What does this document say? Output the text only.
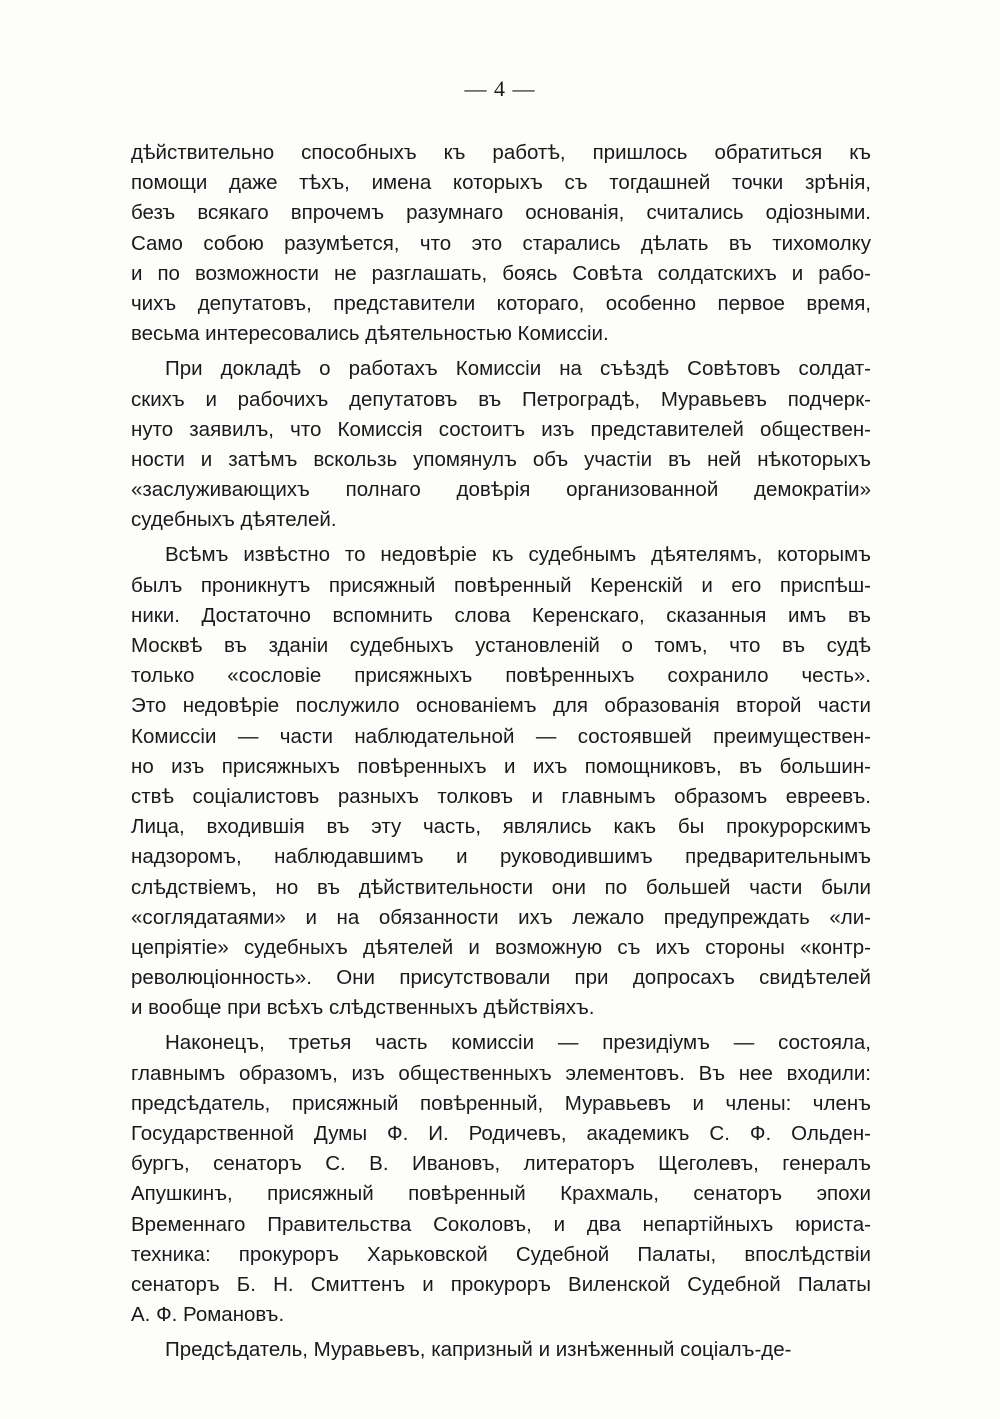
— 4 —
дѣйствительно способныхъ къ работѣ, пришлось обратиться къ
помощи даже тѣхъ, имена которыхъ съ тогдашней точки зрѣнія,
безъ всякаго впрочемъ разумнаго основанія, считались одіозными.
Само собою разумѣется, что это старались дѣлать въ тихомолку
и по возможности не разглашать, боясь Совѣта солдатскихъ и рабо-
чихъ депутатовъ, представители котораго, особенно первое время,
весьма интересовались дѣятельностью Комиссіи.
При докладѣ о работахъ Комиссіи на съѣздѣ Совѣтовъ солдат-
скихъ и рабочихъ депутатовъ въ Петроградѣ, Муравьевъ подчерк-
нуто заявилъ, что Комиссія состоитъ изъ представителей обществен-
ности и затѣмъ вскользь упомянулъ объ участіи въ ней нѣкоторыхъ
«заслуживающихъ полнаго довѣрія организованной демократіи»
судебныхъ дѣятелей.
Всѣмъ извѣстно то недовѣріе къ судебнымъ дѣятелямъ, которымъ
былъ проникнутъ присяжный повѣренный Керенскій и его приспѣш-
ники. Достаточно вспомнить слова Керенскаго, сказанныя имъ въ
Москвѣ въ зданіи судебныхъ установленій о томъ, что въ судѣ
только «сословіе присяжныхъ повѣренныхъ сохранило честь».
Это недовѣріе послужило основаніемъ для образованія второй части
Комиссіи — части наблюдательной — состоявшей преимуществен-
но изъ присяжныхъ повѣренныхъ и ихъ помощниковъ, въ большин-
ствѣ соціалистовъ разныхъ толковъ и главнымъ образомъ евреевъ.
Лица, входившія въ эту часть, являлись какъ бы прокурорскимъ
надзоромъ, наблюдавшимъ и руководившимъ предварительнымъ
слѣдствіемъ, но въ дѣйствительности они по большей части были
«соглядатаями» и на обязанности ихъ лежало предупреждать «ли-
цепріятіе» судебныхъ дѣятелей и возможную съ ихъ стороны «контр-
революціонность». Они присутствовали при допросахъ свидѣтелей
и вообще при всѣхъ слѣдственныхъ дѣйствіяхъ.
Наконецъ, третья часть комиссіи — президіумъ — состояла,
главнымъ образомъ, изъ общественныхъ элементовъ. Въ нее входили:
предсѣдатель, присяжный повѣренный, Муравьевъ и члены: членъ
Государственной Думы Ф. И. Родичевъ, академикъ С. Ф. Ольден-
бургъ, сенаторъ С. В. Ивановъ, литераторъ Щеголевъ, генералъ
Апушкинъ, присяжный повѣренный Крахмаль, сенаторъ эпохи
Временнаго Правительства Соколовъ, и два непартійныхъ юриста-
техника: прокуроръ Харьковской Судебной Палаты, впослѣдствіи
сенаторъ Б. Н. Смиттенъ и прокуроръ Виленской Судебной Палаты
А. Ф. Романовъ.
Предсѣдатель, Муравьевъ, капризный и изнѣженный соціалъ-де-
